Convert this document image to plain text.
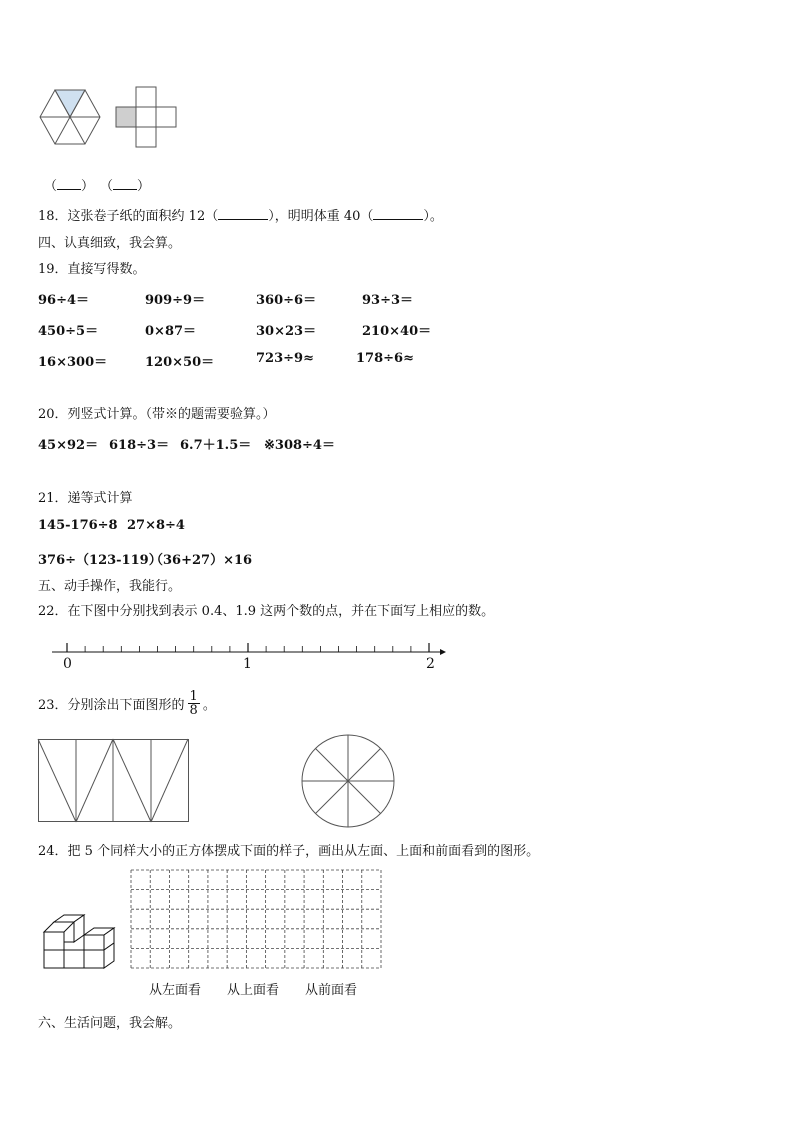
（ ） （ ）
18．这张卷子纸的面积约 12（	），明明体重 40（	）。
四、认真细致，我会算。
19．直接写得数。
96÷4＝	909÷9＝	360÷6＝	93÷3＝
450÷5＝	0×87＝	30×23＝	210×40＝
16×300＝	120×50＝	723÷9≈	178÷6≈
20．列竖式计算。（带※的题需要验算。）
45×92＝ 618÷3＝ 6.7＋1.5＝ ※308÷4＝
21．递等式计算
145-176÷8 27×8÷4
376÷（123-119）
（36+27）×16
五、动手操作，我能行。
22．在下图中分别找到表示 0.4、1.9 这两个数的点，并在下面写上相应的数。
0	1	2
23．分别涂出下面图形的 $\frac{1}{8}$ 。
24．把 5 个同样大小的正方体摆成下面的样子，画出从左面、上面和前面看到的图形。
从左面看 从上面看 从前面看
六、生活问题，我会解。
